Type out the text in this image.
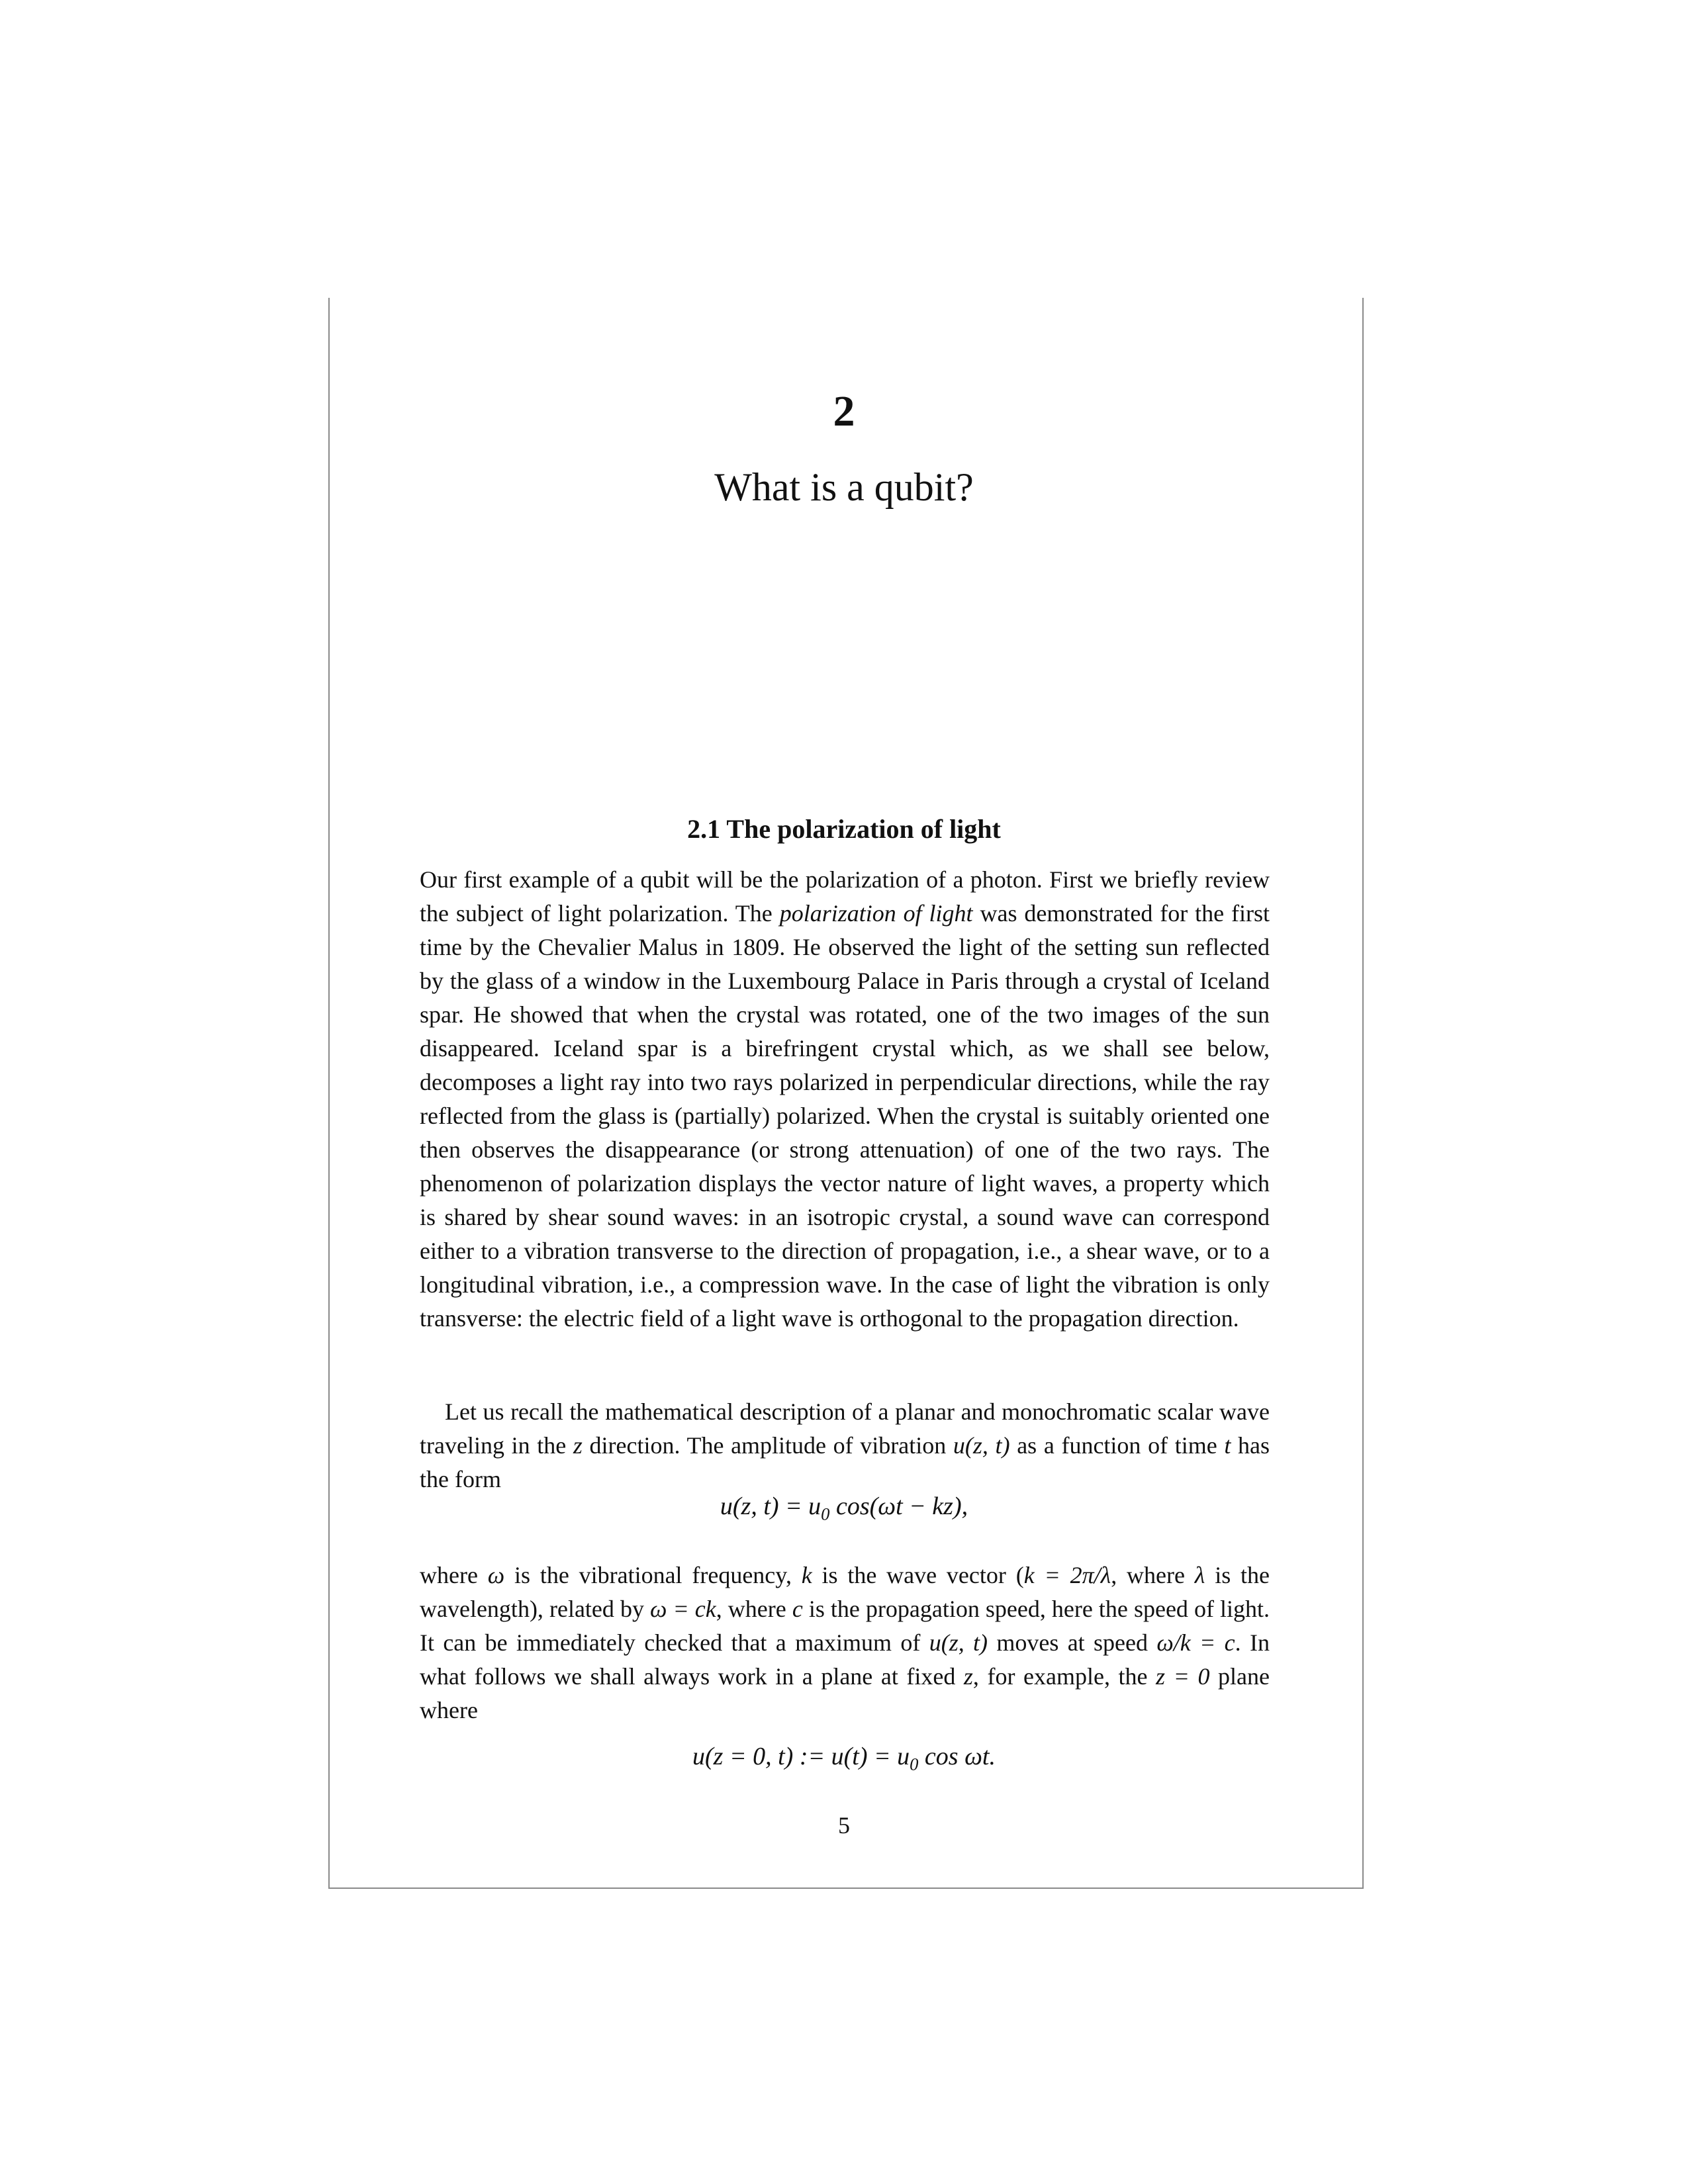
2
What is a qubit?
2.1 The polarization of light

Our first example of a qubit will be the polarization of a photon. First we briefly review the subject of light polarization. The polarization of light was demonstrated for the first time by the Chevalier Malus in 1809. He observed the light of the setting sun reflected by the glass of a window in the Luxembourg Palace in Paris through a crystal of Iceland spar. He showed that when the crystal was rotated, one of the two images of the sun disappeared. Iceland spar is a birefringent crystal which, as we shall see below, decomposes a light ray into two rays polarized in perpendicular directions, while the ray reflected from the glass is (partially) polarized. When the crystal is suitably oriented one then observes the disappearance (or strong attenuation) of one of the two rays. The phenomenon of polarization displays the vector nature of light waves, a property which is shared by shear sound waves: in an isotropic crystal, a sound wave can correspond either to a vibration transverse to the direction of propagation, i.e., a shear wave, or to a longitudinal vibration, i.e., a compression wave. In the case of light the vibration is only transverse: the electric field of a light wave is orthogonal to the propagation direction.

Let us recall the mathematical description of a planar and monochromatic scalar wave traveling in the z direction. The amplitude of vibration u(z, t) as a function of time t has the form

u(z, $t) = u_0$ cos(ωt − kz),

where ω is the vibrational frequency, k is the wave vector (k = 2π/λ, where λ is the wavelength), related by ω = ck, where c is the propagation speed, here the speed of light. It can be immediately checked that a maximum of u(z, t) moves at speed ω/k = c. In what follows we shall always work in a plane at fixed z, for example, the z = 0 plane where

u(z = 0, t) := $u(t) = u_0$ cos ωt.
5
